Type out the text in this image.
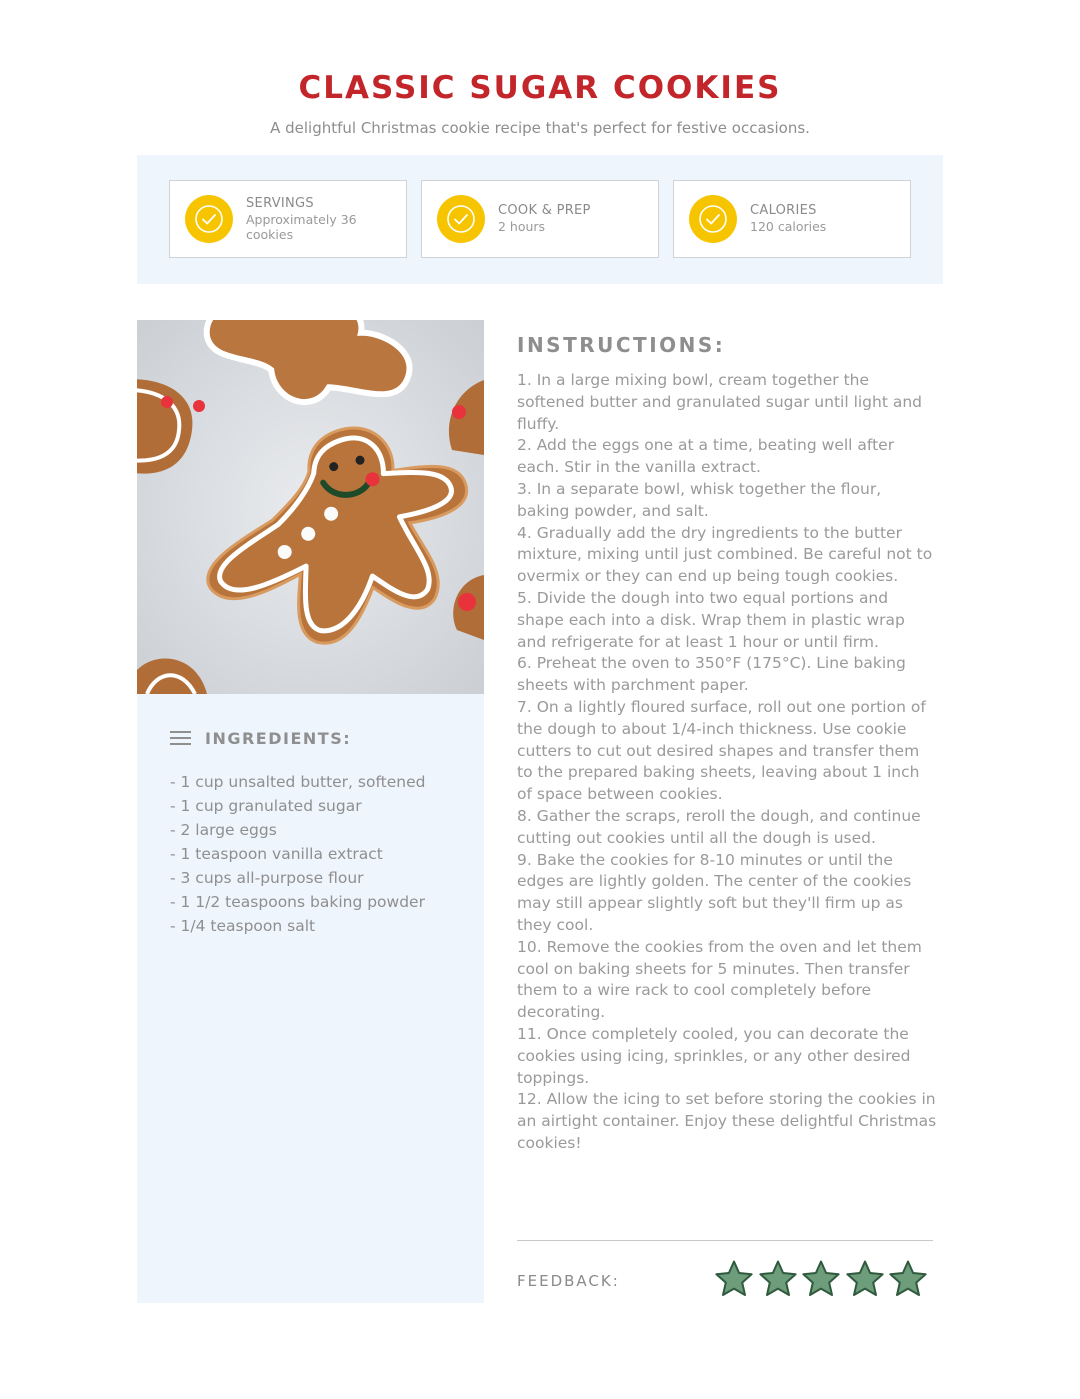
CLASSIC SUGAR COOKIES
A delightful Christmas cookie recipe that's perfect for festive occasions.
SERVINGS
Approximately 36 cookies
COOK & PREP
2 hours
CALORIES
120 calories
INGREDIENTS:
- 1 cup unsalted butter, softened
- 1 cup granulated sugar
- 2 large eggs
- 1 teaspoon vanilla extract
- 3 cups all-purpose flour
- 1 1/2 teaspoons baking powder
- 1/4 teaspoon salt
INSTRUCTIONS:
1. In a large mixing bowl, cream together the softened butter and granulated sugar until light and fluffy.
2. Add the eggs one at a time, beating well after each. Stir in the vanilla extract.
3. In a separate bowl, whisk together the flour, baking powder, and salt.
4. Gradually add the dry ingredients to the butter mixture, mixing until just combined. Be careful not to overmix or they can end up being tough cookies.
5. Divide the dough into two equal portions and shape each into a disk. Wrap them in plastic wrap and refrigerate for at least 1 hour or until firm.
6. Preheat the oven to 350°F (175°C). Line baking sheets with parchment paper.
7. On a lightly floured surface, roll out one portion of the dough to about 1/4-inch thickness. Use cookie cutters to cut out desired shapes and transfer them to the prepared baking sheets, leaving about 1 inch of space between cookies.
8. Gather the scraps, reroll the dough, and continue cutting out cookies until all the dough is used.
9. Bake the cookies for 8-10 minutes or until the edges are lightly golden. The center of the cookies may still appear slightly soft but they'll firm up as they cool.
10. Remove the cookies from the oven and let them cool on baking sheets for 5 minutes. Then transfer them to a wire rack to cool completely before decorating.
11. Once completely cooled, you can decorate the cookies using icing, sprinkles, or any other desired toppings.
12. Allow the icing to set before storing the cookies in an airtight container. Enjoy these delightful Christmas cookies!
FEEDBACK:
